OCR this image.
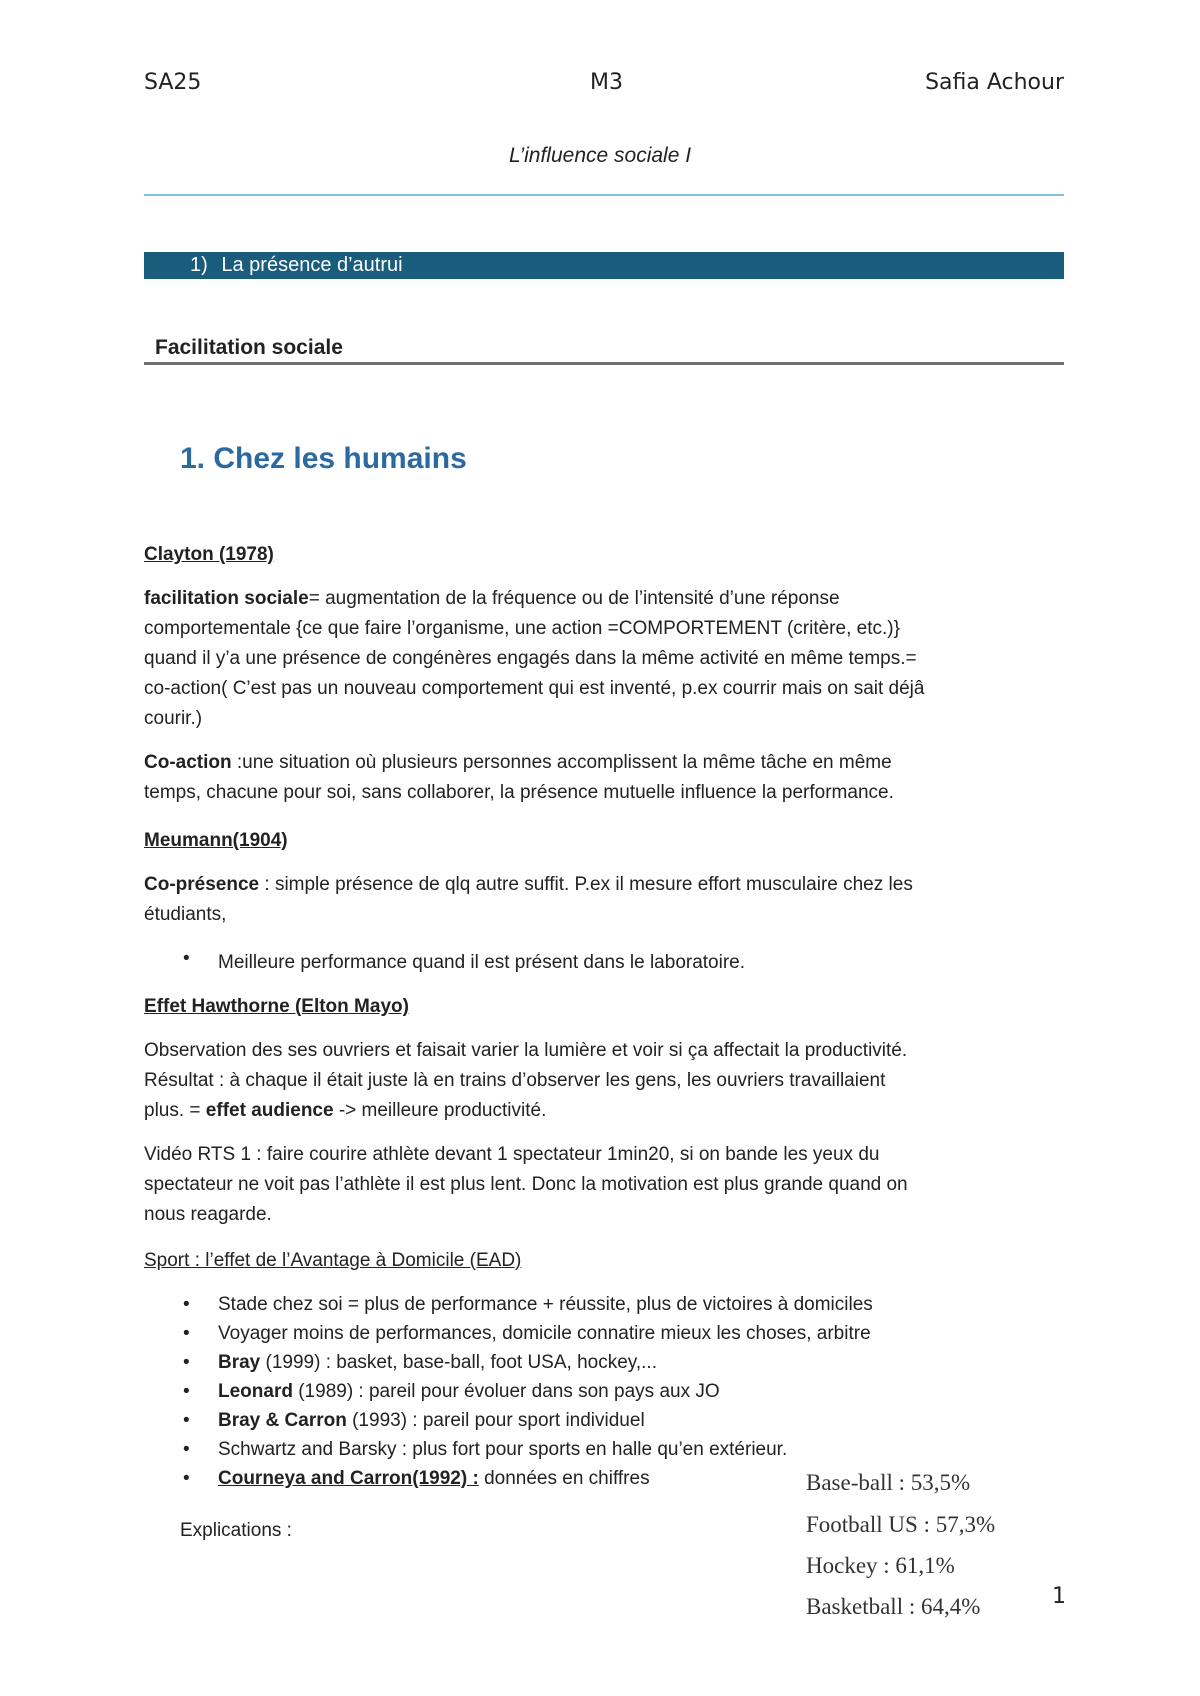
SA25	M3	Safia Achour
L’influence sociale I
1) La présence d’autrui
Facilitation sociale
1. Chez les humains
Clayton (1978)
facilitation sociale= augmentation de la fréquence ou de l’intensité d’une réponse
comportementale {ce que faire l’organisme, une action =COMPORTEMENT (critère, etc.)}
quand il y’a une présence de congénères engagés dans la même activité en même temps.=
co-action( C’est pas un nouveau comportement qui est inventé, p.ex courrir mais on sait déjâ
courir.)
Co-action :une situation où plusieurs personnes accomplissent la même tâche en même
temps, chacune pour soi, sans collaborer, la présence mutuelle influence la performance.
Meumann(1904)
Co-présence : simple présence de qlq autre suffit. P.ex il mesure effort musculaire chez les
étudiants,
• Meilleure performance quand il est présent dans le laboratoire.
Effet Hawthorne (Elton Mayo)
Observation des ses ouvriers et faisait varier la lumière et voir si ça affectait la productivité.
Résultat : à chaque il était juste là en trains d’observer les gens, les ouvriers travaillaient
plus. = effet audience -> meilleure productivité.
Vidéo RTS 1 : faire courire athlète devant 1 spectateur 1min20, si on bande les yeux du
spectateur ne voit pas l’athlète il est plus lent. Donc la motivation est plus grande quand on
nous reagarde.
Sport : l’effet de l’Avantage à Domicile (EAD)
• Stade chez soi = plus de performance + réussite, plus de victoires à domiciles
• Voyager moins de performances, domicile connatire mieux les choses, arbitre
• Bray (1999) : basket, base-ball, foot USA, hockey,...
• Leonard (1989) : pareil pour évoluer dans son pays aux JO
• Bray & Carron (1993) : pareil pour sport individuel
• Schwartz and Barsky : plus fort pour sports en halle qu’en extérieur.
• Courneya and Carron(1992) : données en chiffres
Explications :
Base-ball : 53,5%
Football US : 57,3%
Hockey : 61,1%
Basketball : 64,4%	1
